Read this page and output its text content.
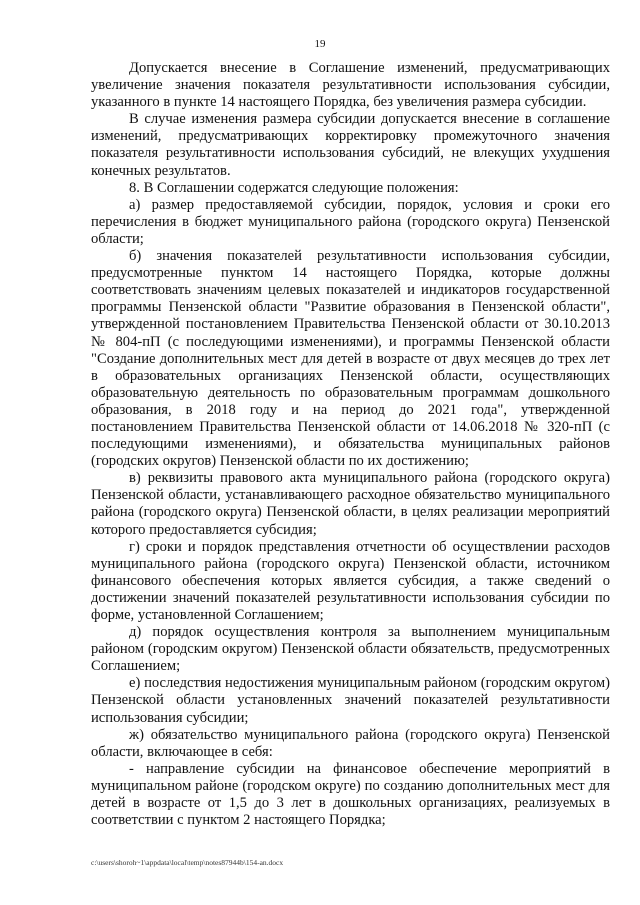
19

Допускается внесение в Соглашение изменений, предусматривающих увеличение значения показателя результативности использования субсидии, указанного в пункте 14 настоящего Порядка, без увеличения размера субсидии.

В случае изменения размера субсидии допускается внесение в соглашение изменений, предусматривающих корректировку промежуточного значения показателя результативности использования субсидий, не влекущих ухудшения конечных результатов.

8. В Соглашении содержатся следующие положения:

а) размер предоставляемой субсидии, порядок, условия и сроки его перечисления в бюджет муниципального района (городского округа) Пензенской области;

б) значения показателей результативности использования субсидии, предусмотренные пунктом 14 настоящего Порядка, которые должны соответствовать значениям целевых показателей и индикаторов государственной программы Пензенской области "Развитие образования в Пензенской области", утвержденной постановлением Правительства Пензенской области от 30.10.2013 № 804-пП (с последующими изменениями), и программы Пензенской области "Создание дополнительных мест для детей в возрасте от двух месяцев до трех лет в образовательных организациях Пензенской области, осуществляющих образовательную деятельность по образовательным программам дошкольного образования, в 2018 году и на период до 2021 года", утвержденной постановлением Правительства Пензенской области от 14.06.2018 № 320-пП (с последующими изменениями), и обязательства муниципальных районов (городских округов) Пензенской области по их достижению;

в) реквизиты правового акта муниципального района (городского округа) Пензенской области, устанавливающего расходное обязательство муниципального района (городского округа) Пензенской области, в целях реализации мероприятий которого предоставляется субсидия;

г) сроки и порядок представления отчетности об осуществлении расходов муниципального района (городского округа) Пензенской области, источником финансового обеспечения которых является субсидия, а также сведений о достижении значений показателей результативности использования субсидии по форме, установленной Соглашением;

д) порядок осуществления контроля за выполнением муниципальным районом (городским округом) Пензенской области обязательств, предусмотренных Соглашением;

е) последствия недостижения муниципальным районом (городским округом) Пензенской области установленных значений показателей результативности использования субсидии;

ж) обязательство муниципального района (городского округа) Пензенской области, включающее в себя:

- направление субсидии на финансовое обеспечение мероприятий в муниципальном районе (городском округе) по созданию дополнительных мест для детей в возрасте от 1,5 до 3 лет в дошкольных организациях, реализуемых в соответствии с пунктом 2 настоящего Порядка;

c:\users\shoroh~1\appdata\local\temp\notes87944b\154-an.docx
